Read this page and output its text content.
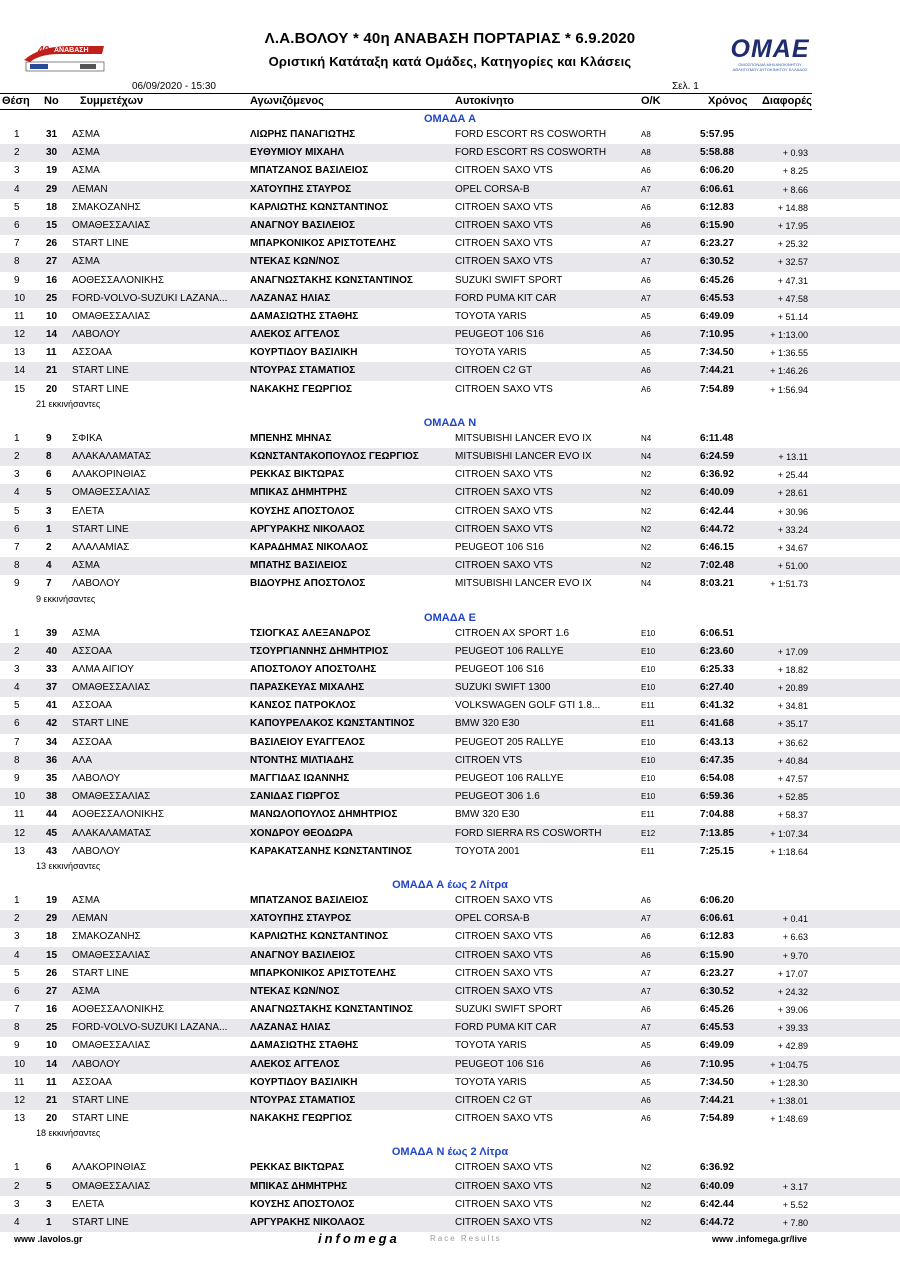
40 ΑΝΑΒΑΣΗ
Λ.Α.ΒΟΛΟΥ * 40η ΑΝΑΒΑΣΗ ΠΟΡΤΑΡΙΑΣ * 6.9.2020
Οριστική Κατάταξη κατά Ομάδες, Κατηγορίες και Κλάσεις	OMAE
ΟΜΟΣΠΟΝΔΙΑ ΜΗΧΑΝΟΚΙΝΗΤΟΥ ΑΘΛΗΤΙΣΜΟΥ ΑΥΤΟΚΙΝΗΤΟΥ ΕΛΛΑΔΟΣ
06/09/2020 - 15:30	Σελ. 1
Θέση Νο Συμμετέχων	Αγωνιζόμενος	Αυτοκίνητο	Ο/Κ	Χρόνος Διαφορές
ΟΜΑΔΑ Α
1	31 ΑΣΜΑ	ΛΙΩΡΗΣ ΠΑΝΑΓΙΩΤΗΣ	FORD ESCORT RS COSWORTH	A8	5:57.95
2	30 ΑΣΜΑ	ΕΥΘΥΜΙΟΥ ΜΙΧΑΗΛ	FORD ESCORT RS COSWORTH	A8	5:58.88	+ 0.93
3	19 ΑΣΜΑ	ΜΠΑΤΖΑΝΟΣ ΒΑΣΙΛΕΙΟΣ	CITROEN SAXO VTS	A6	6:06.20	+ 8.25
4	29 ΛΕΜΑΝ	ΧΑΤΟΥΠΗΣ ΣΤΑΥΡΟΣ	OPEL CORSA-B	A7	6:06.61	+ 8.66
5	18 ΣΜΑΚΟΖΑΝΗΣ	ΚΑΡΛΙΩΤΗΣ ΚΩΝΣΤΑΝΤΙΝΟΣ	CITROEN SAXO VTS	A6	6:12.83	+ 14.88
6	15 ΟΜΑΘΕΣΣΑΛΙΑΣ	ΑΝΑΓΝΟΥ ΒΑΣΙΛΕΙΟΣ	CITROEN SAXO VTS	A6	6:15.90	+ 17.95
7	26 START LINE	ΜΠΑΡΚΟΝΙΚΟΣ ΑΡΙΣΤΟΤΕΛΗΣ	CITROEN SAXO VTS	A7	6:23.27	+ 25.32
8	27 ΑΣΜΑ	ΝΤΕΚΑΣ ΚΩΝ/ΝΟΣ	CITROEN SAXO VTS	A7	6:30.52	+ 32.57
9	16 ΑΟΘΕΣΣΑΛΟΝΙΚΗΣ	ΑΝΑΓΝΩΣΤΑΚΗΣ ΚΩΝΣΤΑΝΤΙΝΟΣ	SUZUKI SWIFT SPORT	A6	6:45.26	+ 47.31
10 25 FORD-VOLVO-SUZUKI LAZANA... ΛΑΖΑΝΑΣ ΗΛΙΑΣ	FORD PUMA KIT CAR	A7	6:45.53	+ 47.58
11 10 ΟΜΑΘΕΣΣΑΛΙΑΣ	ΔΑΜΑΣΙΩΤΗΣ ΣΤΑΘΗΣ	TOYOTA YARIS	A5	6:49.09	+ 51.14
12 14 ΛΑΒΟΛΟΥ	ΑΛΕΚΟΣ ΑΓΓΕΛΟΣ	PEUGEOT 106 S16	A6	7:10.95	+ 1:13.00
13 11 ΑΣΣΟΑΑ	ΚΟΥΡΤΙΔΟΥ ΒΑΣΙΛΙΚΗ	TOYOTA YARIS	A5	7:34.50	+ 1:36.55
14 21 START LINE	ΝΤΟΥΡΑΣ ΣΤΑΜΑΤΙΟΣ	CITROEN C2 GT	A6	7:44.21	+ 1:46.26
15 20 START LINE	ΝΑΚΑΚΗΣ ΓΕΩΡΓΙΟΣ	CITROEN SAXO VTS	A6	7:54.89	+ 1:56.94
21 εκκινήσαντες
ΟΜΑΔΑ Ν
1	9 ΣΦΙΚΑ	ΜΠΕΝΗΣ ΜΗΝΑΣ	MITSUBISHI LANCER EVO IX	N4	6:11.48
2	8 ΑΛΑΚΑΛΑΜΑΤΑΣ	ΚΩΝΣΤΑΝΤΑΚΟΠΟΥΛΟΣ ΓΕΩΡΓΙΟΣ	MITSUBISHI LANCER EVO IX	N4	6:24.59	+ 13.11
3	6 ΑΛΑΚΟΡΙΝΘΙΑΣ	ΡΕΚΚΑΣ ΒΙΚΤΩΡΑΣ	CITROEN SAXO VTS	N2	6:36.92	+ 25.44
4	5 ΟΜΑΘΕΣΣΑΛΙΑΣ	ΜΠΙΚΑΣ ΔΗΜΗΤΡΗΣ	CITROEN SAXO VTS	N2	6:40.09	+ 28.61
5	3 ΕΛΕΤΑ	ΚΟΥΣΗΣ ΑΠΟΣΤΟΛΟΣ	CITROEN SAXO VTS	N2	6:42.44	+ 30.96
6	1 START LINE	ΑΡΓΥΡΑΚΗΣ ΝΙΚΟΛΑΟΣ	CITROEN SAXO VTS	N2	6:44.72	+ 33.24
7	2 ΑΛΑΛΑΜΙΑΣ	ΚΑΡΑΔΗΜΑΣ ΝΙΚΟΛΑΟΣ	PEUGEOT 106 S16	N2	6:46.15	+ 34.67
8	4 ΑΣΜΑ	ΜΠΑΤΗΣ ΒΑΣΙΛΕΙΟΣ	CITROEN SAXO VTS	N2	7:02.48	+ 51.00
9	7 ΛΑΒΟΛΟΥ	ΒΙΔΟΥΡΗΣ ΑΠΟΣΤΟΛΟΣ	MITSUBISHI LANCER EVO IX	N4	8:03.21	+ 1:51.73
9 εκκινήσαντες
ΟΜΑΔΑ Ε
1	39 ΑΣΜΑ	ΤΣΙΟΓΚΑΣ ΑΛΕΞΑΝΔΡΟΣ	CITROEN AX SPORT 1.6	E10	6:06.51
2	40 ΑΣΣΟΑΑ	ΤΣΟΥΡΓΙΑΝΝΗΣ ΔΗΜΗΤΡΙΟΣ	PEUGEOT 106 RALLYE	E10	6:23.60	+ 17.09
3	33 ΑΛΜΑ ΑΙΓΙΟΥ	ΑΠΟΣΤΟΛΟΥ ΑΠΟΣΤΟΛΗΣ	PEUGEOT 106 S16	E10	6:25.33	+ 18.82
4	37 ΟΜΑΘΕΣΣΑΛΙΑΣ	ΠΑΡΑΣΚΕΥΑΣ ΜΙΧΑΛΗΣ	SUZUKI SWIFT 1300	E10	6:27.40	+ 20.89
5	41 ΑΣΣΟΑΑ	ΚΑΝΣΟΣ ΠΑΤΡΟΚΛΟΣ	VOLKSWAGEN GOLF GTI 1.8...	E11	6:41.32	+ 34.81
6	42 START LINE	ΚΑΠΟΥΡΕΛΑΚΟΣ ΚΩΝΣΤΑΝΤΙΝΟΣ	BMW 320 E30	E11	6:41.68	+ 35.17
7	34 ΑΣΣΟΑΑ	ΒΑΣΙΛΕΙΟΥ ΕΥΑΓΓΕΛΟΣ	PEUGEOT 205 RALLYE	E10	6:43.13	+ 36.62
8	36 ΑΛΑ	ΝΤΟΝΤΗΣ ΜΙΛΤΙΑΔΗΣ	CITROEN VTS	E10	6:47.35	+ 40.84
9	35 ΛΑΒΟΛΟΥ	ΜΑΓΓΙΔΑΣ ΙΩΑΝΝΗΣ	PEUGEOT 106 RALLYE	E10	6:54.08	+ 47.57
10 38 ΟΜΑΘΕΣΣΑΛΙΑΣ	ΣΑΝΙΔΑΣ ΓΙΩΡΓΟΣ	PEUGEOT 306 1.6	E10	6:59.36	+ 52.85
11 44 ΑΟΘΕΣΣΑΛΟΝΙΚΗΣ	ΜΑΝΩΛΟΠΟΥΛΟΣ ΔΗΜΗΤΡΙΟΣ	BMW 320 E30	E11	7:04.88	+ 58.37
12 45 ΑΛΑΚΑΛΑΜΑΤΑΣ	ΧΟΝΔΡΟΥ ΘΕΟΔΩΡΑ	FORD SIERRA RS COSWORTH	E12	7:13.85	+ 1:07.34
13 43 ΛΑΒΟΛΟΥ	ΚΑΡΑΚΑΤΣΑΝΗΣ ΚΩΝΣΤΑΝΤΙΝΟΣ	TOYOTA 2001	E11	7:25.15	+ 1:18.64
13 εκκινήσαντες
ΟΜΑΔΑ Α έως 2 Λίτρα
1	19 ΑΣΜΑ	ΜΠΑΤΖΑΝΟΣ ΒΑΣΙΛΕΙΟΣ	CITROEN SAXO VTS	A6	6:06.20
2	29 ΛΕΜΑΝ	ΧΑΤΟΥΠΗΣ ΣΤΑΥΡΟΣ	OPEL CORSA-B	A7	6:06.61	+ 0.41
3	18 ΣΜΑΚΟΖΑΝΗΣ	ΚΑΡΛΙΩΤΗΣ ΚΩΝΣΤΑΝΤΙΝΟΣ	CITROEN SAXO VTS	A6	6:12.83	+ 6.63
4	15 ΟΜΑΘΕΣΣΑΛΙΑΣ	ΑΝΑΓΝΟΥ ΒΑΣΙΛΕΙΟΣ	CITROEN SAXO VTS	A6	6:15.90	+ 9.70
5	26 START LINE	ΜΠΑΡΚΟΝΙΚΟΣ ΑΡΙΣΤΟΤΕΛΗΣ	CITROEN SAXO VTS	A7	6:23.27	+ 17.07
6	27 ΑΣΜΑ	ΝΤΕΚΑΣ ΚΩΝ/ΝΟΣ	CITROEN SAXO VTS	A7	6:30.52	+ 24.32
7	16 ΑΟΘΕΣΣΑΛΟΝΙΚΗΣ	ΑΝΑΓΝΩΣΤΑΚΗΣ ΚΩΝΣΤΑΝΤΙΝΟΣ	SUZUKI SWIFT SPORT	A6	6:45.26	+ 39.06
8	25 FORD-VOLVO-SUZUKI LAZANA... ΛΑΖΑΝΑΣ ΗΛΙΑΣ	FORD PUMA KIT CAR	A7	6:45.53	+ 39.33
9	10 ΟΜΑΘΕΣΣΑΛΙΑΣ	ΔΑΜΑΣΙΩΤΗΣ ΣΤΑΘΗΣ	TOYOTA YARIS	A5	6:49.09	+ 42.89
10 14 ΛΑΒΟΛΟΥ	ΑΛΕΚΟΣ ΑΓΓΕΛΟΣ	PEUGEOT 106 S16	A6	7:10.95	+ 1:04.75
11 11 ΑΣΣΟΑΑ	ΚΟΥΡΤΙΔΟΥ ΒΑΣΙΛΙΚΗ	TOYOTA YARIS	A5	7:34.50	+ 1:28.30
12 21 START LINE	ΝΤΟΥΡΑΣ ΣΤΑΜΑΤΙΟΣ	CITROEN C2 GT	A6	7:44.21	+ 1:38.01
13 20 START LINE	ΝΑΚΑΚΗΣ ΓΕΩΡΓΙΟΣ	CITROEN SAXO VTS	A6	7:54.89	+ 1:48.69
18 εκκινήσαντες
ΟΜΑΔΑ Ν έως 2 Λίτρα
1	6 ΑΛΑΚΟΡΙΝΘΙΑΣ	ΡΕΚΚΑΣ ΒΙΚΤΩΡΑΣ	CITROEN SAXO VTS	N2	6:36.92
2	5 ΟΜΑΘΕΣΣΑΛΙΑΣ	ΜΠΙΚΑΣ ΔΗΜΗΤΡΗΣ	CITROEN SAXO VTS	N2	6:40.09	+ 3.17
3	3 ΕΛΕΤΑ	ΚΟΥΣΗΣ ΑΠΟΣΤΟΛΟΣ	CITROEN SAXO VTS	N2	6:42.44	+ 5.52
4	1 START LINE	ΑΡΓΥΡΑΚΗΣ ΝΙΚΟΛΑΟΣ	CITROEN SAXO VTS	N2	6:44.72	+ 7.80
www .lavolos.gr	infomega	Race Results	www .infomega.gr/live
